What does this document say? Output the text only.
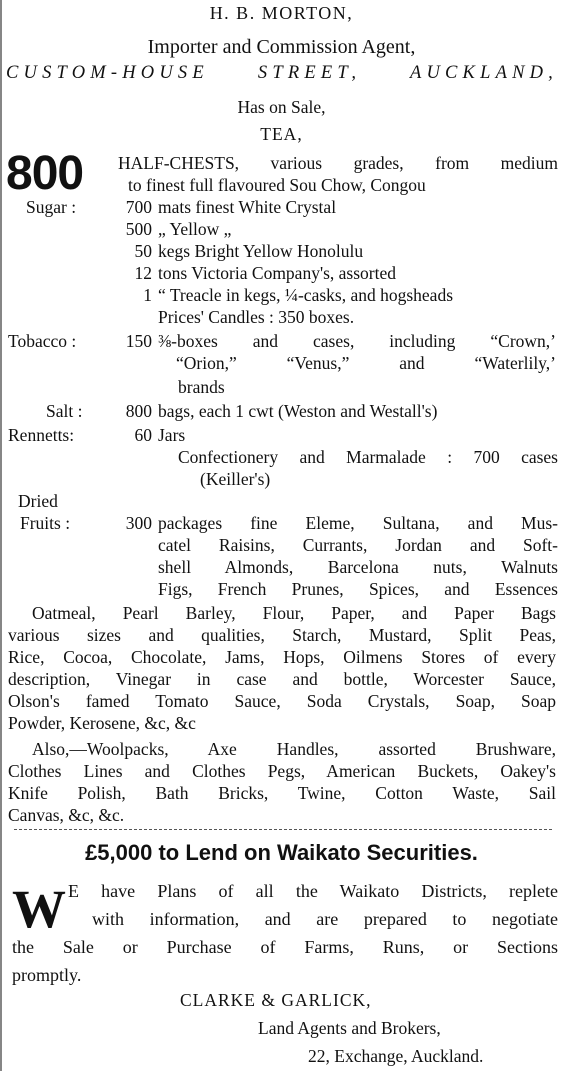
H. B. MORTON,
Importer and Commission Agent,
CUSTOM-HOUSE STREET, AUCKLAND,
Has on Sale,
TEA,
800 HALF-CHESTS, various grades, from medium
to finest full flavoured Sou Chow, Congou
Sugar :	700 mats finest White Crystal
500 „ Yellow „
50 kegs Bright Yellow Honolulu
12 tons Victoria Company's, assorted
1 “ Treacle in kegs, ¼-casks, and hogsheads
Prices' Candles : 350 boxes.
Tobacco :	150 ⅜-boxes and cases, including “Crown,’
“Orion,” “Venus,” and “Waterlily,’
brands
Salt :	800 bags, each 1 cwt (Weston and Westall's)
Rennetts:	60 Jars
Confectionery and Marmalade : 700 cases
(Keiller's)
Dried
Fruits :	300 packages fine Eleme, Sultana, and Mus-
catel Raisins, Currants, Jordan and Soft-
shell Almonds, Barcelona nuts, Walnuts
Figs, French Prunes, Spices, and Essences
Oatmeal, Pearl Barley, Flour, Paper, and Paper Bags
various sizes and qualities, Starch, Mustard, Split Peas,
Rice, Cocoa, Chocolate, Jams, Hops, Oilmens Stores of every
description, Vinegar in case and bottle, Worcester Sauce,
Olson's famed Tomato Sauce, Soda Crystals, Soap, Soap
Powder, Kerosene, &c, &c
Also,—Woolpacks, Axe Handles, assorted Brushware,
Clothes Lines and Clothes Pegs, American Buckets, Oakey's
Knife Polish, Bath Bricks, Twine, Cotton Waste, Sail
Canvas, &c, &c.
£5,000 to Lend on Waikato Securities.
W E have Plans of all the Waikato Districts, replete
with information, and are prepared to negotiate
the Sale or Purchase of Farms, Runs, or Sections
promptly.
CLARKE & GARLICK,
Land Agents and Brokers,
22, Exchange, Auckland.
